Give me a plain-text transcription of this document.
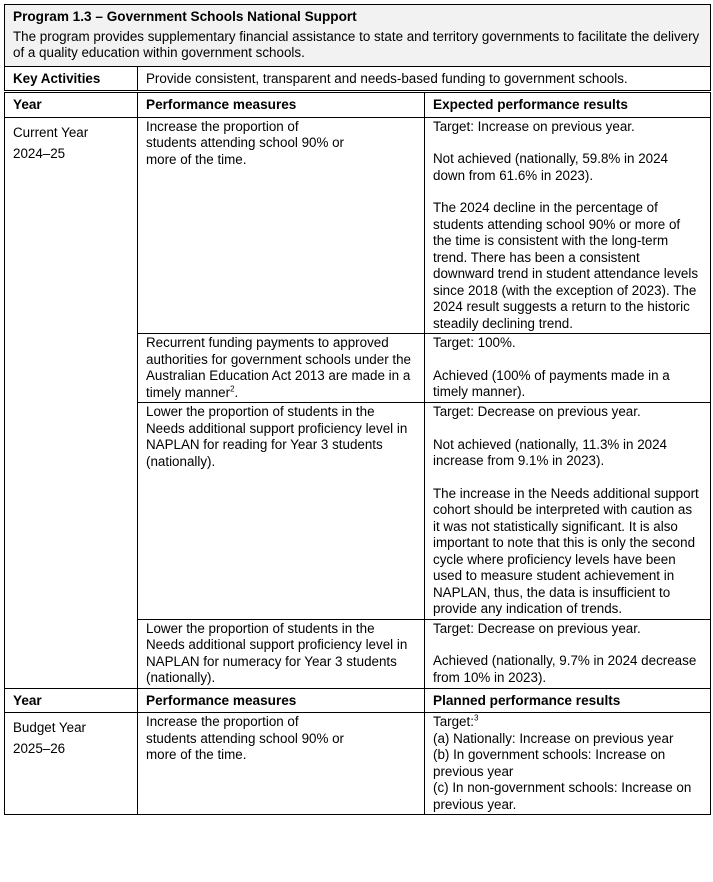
Program 1.3 – Government Schools National Support
The program provides supplementary financial assistance to state and territory governments to facilitate the delivery of a quality education within government schools.		

Key Activities	Provide consistent, transparent and needs-based funding to government schools.	
Year	Performance measures	Expected performance results

Current Year
2024–25	Increase the proportion of students attending school 90% or more of the time.	Target: Increase on previous year.
Not achieved (nationally, 59.8% in 2024 down from 61.6% in 2023).
The 2024 decline in the percentage of students attending school 90% or more of the time is consistent with the long-term trend. There has been a consistent downward trend in student attendance levels since 2018 (with the exception of 2023). The 2024 result suggests a return to the historic steadily declining trend.

	Recurrent funding payments to approved authorities for government schools under the Australian Education Act 2013 are made in a timely manner$^2$.	Target: 100%.
Achieved (100% of payments made in a timely manner).

	Lower the proportion of students in the Needs additional support proficiency level in NAPLAN for reading for Year 3 students (nationally).	Target: Decrease on previous year.
Not achieved (nationally, 11.3% in 2024 increase from 9.1% in 2023).
The increase in the Needs additional support cohort should be interpreted with caution as it was not statistically significant. It is also important to note that this is only the second cycle where proficiency levels have been used to measure student achievement in NAPLAN, thus, the data is insufficient to provide any indication of trends.

	Lower the proportion of students in the Needs additional support proficiency level in NAPLAN for numeracy for Year 3 students (nationally).	Target: Decrease on previous year.
Achieved (nationally, 9.7% in 2024 decrease from 10% in 2023).

Year	Performance measures	Planned performance results

Budget Year
2025–26	Increase the proportion of students attending school 90% or more of the time.	Target:$^3$
(a) Nationally: Increase on previous year
(b) In government schools: Increase on previous year
(c) In non-government schools: Increase on previous year.
